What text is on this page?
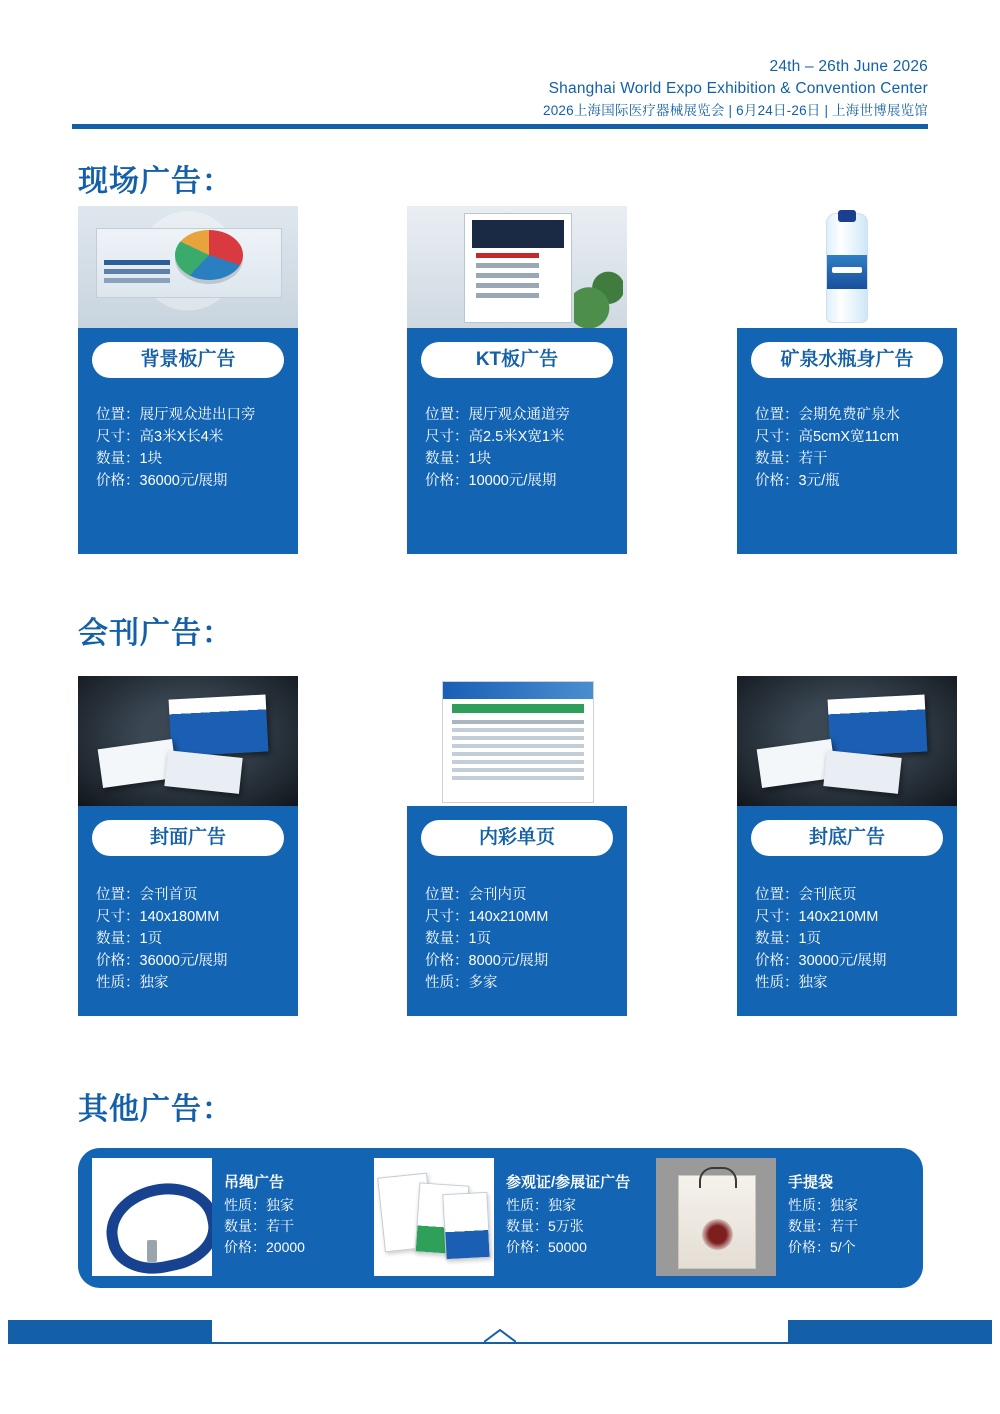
24th – 26th June 2026
Shanghai World Expo Exhibition & Convention Center
2026上海国际医疗器械展览会 | 6月24日-26日 | 上海世博展览馆
现场广告：
背景板广告
位置：展厅观众进出口旁
尺寸：高3米X长4米
数量：1块
价格：36000元/展期
KT板广告
位置：展厅观众通道旁
尺寸：高2.5米X宽1米
数量：1块
价格：10000元/展期
矿泉水瓶身广告
位置：会期免费矿泉水
尺寸：高5cmX宽11cm
数量：若干
价格：3元/瓶
会刊广告：
封面广告
位置：会刊首页
尺寸：140x180MM
数量：1页
价格：36000元/展期
性质：独家
内彩单页
位置：会刊内页
尺寸：140x210MM
数量：1页
价格：8000元/展期
性质：多家
封底广告
位置：会刊底页
尺寸：140x210MM
数量：1页
价格：30000元/展期
性质：独家
其他广告：
吊绳广告
性质：独家
数量：若干
价格：20000
参观证/参展证广告
性质：独家
数量：5万张
价格：50000
手提袋
性质：独家
数量：若干
价格：5/个
